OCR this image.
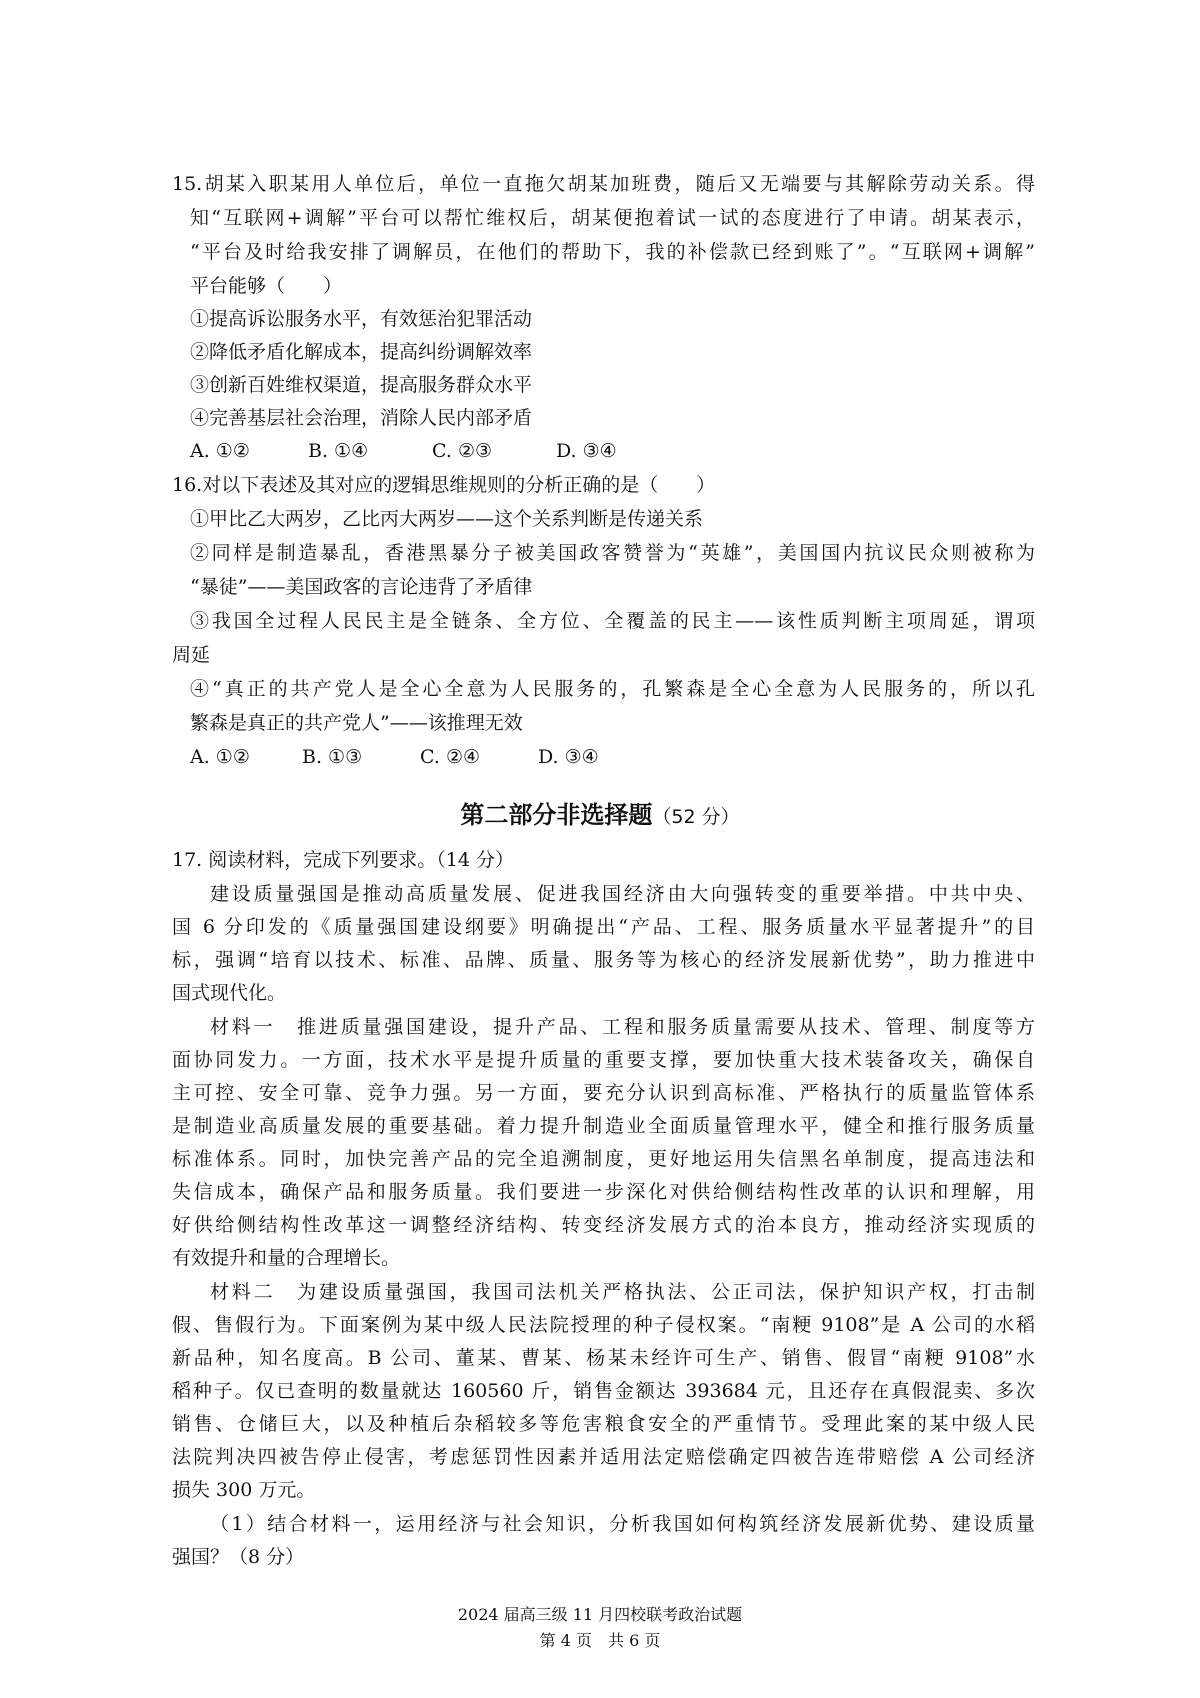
15.胡某入职某用人单位后，单位一直拖欠胡某加班费，随后又无端要与其解除劳动关系。得
知“互联网+调解”平台可以帮忙维权后，胡某便抱着试一试的态度进行了申请。胡某表示，
“平台及时给我安排了调解员，在他们的帮助下，我的补偿款已经到账了”。“互联网+调解”
平台能够（　　）
①提高诉讼服务水平，有效惩治犯罪活动
②降低矛盾化解成本，提高纠纷调解效率
③创新百姓维权渠道，提高服务群众水平
④完善基层社会治理，消除人民内部矛盾
A. ①②	B. ①④	C. ②③	D. ③④
16.对以下表述及其对应的逻辑思维规则的分析正确的是（　　）
①甲比乙大两岁，乙比丙大两岁——这个关系判断是传递关系
②同样是制造暴乱，香港黑暴分子被美国政客赞誉为“英雄”，美国国内抗议民众则被称为
“暴徒”——美国政客的言论违背了矛盾律
③我国全过程人民民主是全链条、全方位、全覆盖的民主——该性质判断主项周延，谓项
周延
④“真正的共产党人是全心全意为人民服务的，孔繁森是全心全意为人民服务的，所以孔
繁森是真正的共产党人”——该推理无效
A. ①②	B. ①③	C. ②④	D. ③④
第二部分非选择题（52 分）
17. 阅读材料，完成下列要求。（14 分）
建设质量强国是推动高质量发展、促进我国经济由大向强转变的重要举措。中共中央、
国 6 分印发的《质量强国建设纲要》明确提出“产品、工程、服务质量水平显著提升”的目
标，强调“培育以技术、标准、品牌、质量、服务等为核心的经济发展新优势”，助力推进中
国式现代化。
材料一　推进质量强国建设，提升产品、工程和服务质量需要从技术、管理、制度等方
面协同发力。一方面，技术水平是提升质量的重要支撑，要加快重大技术装备攻关，确保自
主可控、安全可靠、竞争力强。另一方面，要充分认识到高标准、严格执行的质量监管体系
是制造业高质量发展的重要基础。着力提升制造业全面质量管理水平，健全和推行服务质量
标准体系。同时，加快完善产品的完全追溯制度，更好地运用失信黑名单制度，提高违法和
失信成本，确保产品和服务质量。我们要进一步深化对供给侧结构性改革的认识和理解，用
好供给侧结构性改革这一调整经济结构、转变经济发展方式的治本良方，推动经济实现质的
有效提升和量的合理增长。
材料二　为建设质量强国，我国司法机关严格执法、公正司法，保护知识产权，打击制
假、售假行为。下面案例为某中级人民法院授理的种子侵权案。“南粳 9108”是 A 公司的水稻
新品种，知名度高。B 公司、董某、曹某、杨某未经许可生产、销售、假冒“南粳 9108”水
稻种子。仅已查明的数量就达 160560 斤，销售金额达 393684 元，且还存在真假混卖、多次
销售、仓储巨大，以及种植后杂稻较多等危害粮食安全的严重情节。受理此案的某中级人民
法院判决四被告停止侵害，考虑惩罚性因素并适用法定赔偿确定四被告连带赔偿 A 公司经济
损失 300 万元。
（1）结合材料一，运用经济与社会知识，分析我国如何构筑经济发展新优势、建设质量
强国？（8 分）
2024 届高三级 11 月四校联考政治试题
第 4 页　共 6 页
